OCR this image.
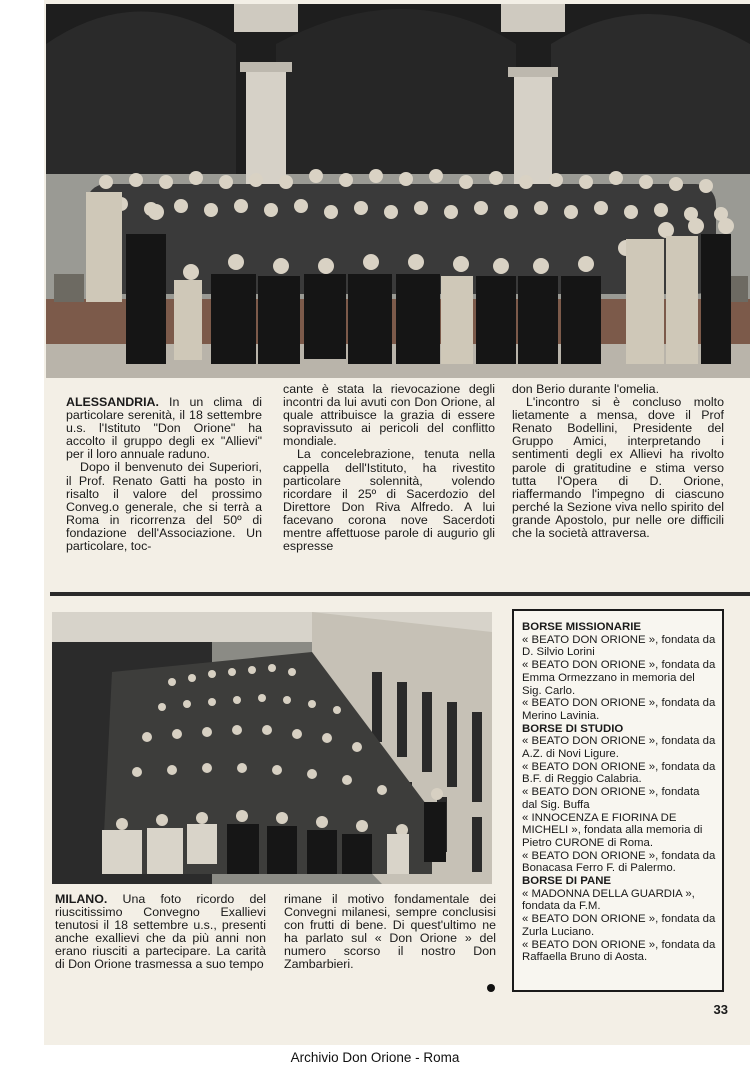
ALESSANDRIA. In un clima di particolare serenità, il 18 settembre u.s. l'Istituto "Don Orione" ha accolto il gruppo degli ex "Allievi" per il loro annuale raduno.

Dopo il benvenuto dei Superiori, il Prof. Renato Gatti ha posto in risalto il valore del prossimo Conveg.o generale, che si terrà a Roma in ricorrenza del 50º di fondazione dell'Associazione. Un particolare, toc-

cante è stata la rievocazione degli incontri da lui avuti con Don Orione, al quale attribuisce la grazia di essere sopravissuto ai pericoli del conflitto mondiale.

La concelebrazione, tenuta nella cappella dell'Istituto, ha rivestito particolare solennità, volendo ricordare il 25º di Sacerdozio del Direttore Don Riva Alfredo. A lui facevano corona nove Sacerdoti mentre affettuose parole di augurio gli espresse

don Berio durante l'omelia.

L'incontro si è concluso molto lietamente a mensa, dove il Prof Renato Bodellini, Presidente del Gruppo Amici, interpretando i sentimenti degli ex Allievi ha rivolto parole di gratitudine e stima verso tutta l'Opera di D. Orione, riaffermando l'impegno di ciascuno perché la Sezione viva nello spirito del grande Apostolo, pur nelle ore difficili che la società attraversa.

MILANO. Una foto ricordo del riuscitissimo Convegno Exallievi tenutosi il 18 settembre u.s., presenti anche exallievi che da più anni non erano riusciti a partecipare. La carità di Don Orione trasmessa a suo tempo

rimane il motivo fondamentale dei Convegni milanesi, sempre conclusisi con frutti di bene. Di quest'ultimo ne ha parlato sul « Don Orione » del numero scorso il nostro Don Zambarbieri.

BORSE MISSIONARIE

« BEATO DON ORIONE », fondata da D. Silvio Lorini

« BEATO DON ORIONE », fondata da Emma Ormezzano in memoria del Sig. Carlo.

« BEATO DON ORIONE », fondata da Merino Lavinia.

BORSE DI STUDIO

« BEATO DON ORIONE », fondata da A.Z. di Novi Ligure.

« BEATO DON ORIONE », fondata da B.F. di Reggio Calabria.

« BEATO DON ORIONE », fondata dal Sig. Buffa

« INNOCENZA E FIORINA DE MICHELI », fondata alla memoria di Pietro CURONE di Roma.

« BEATO DON ORIONE », fondata da Bonacasa Ferro F. di Palermo.

BORSE DI PANE

« MADONNA DELLA GUARDIA », fondata da F.M.

« BEATO DON ORIONE », fondata da Zurla Luciano.

« BEATO DON ORIONE », fondata da Raffaella Bruno di Aosta.

33
Archivio Don Orione - Roma
